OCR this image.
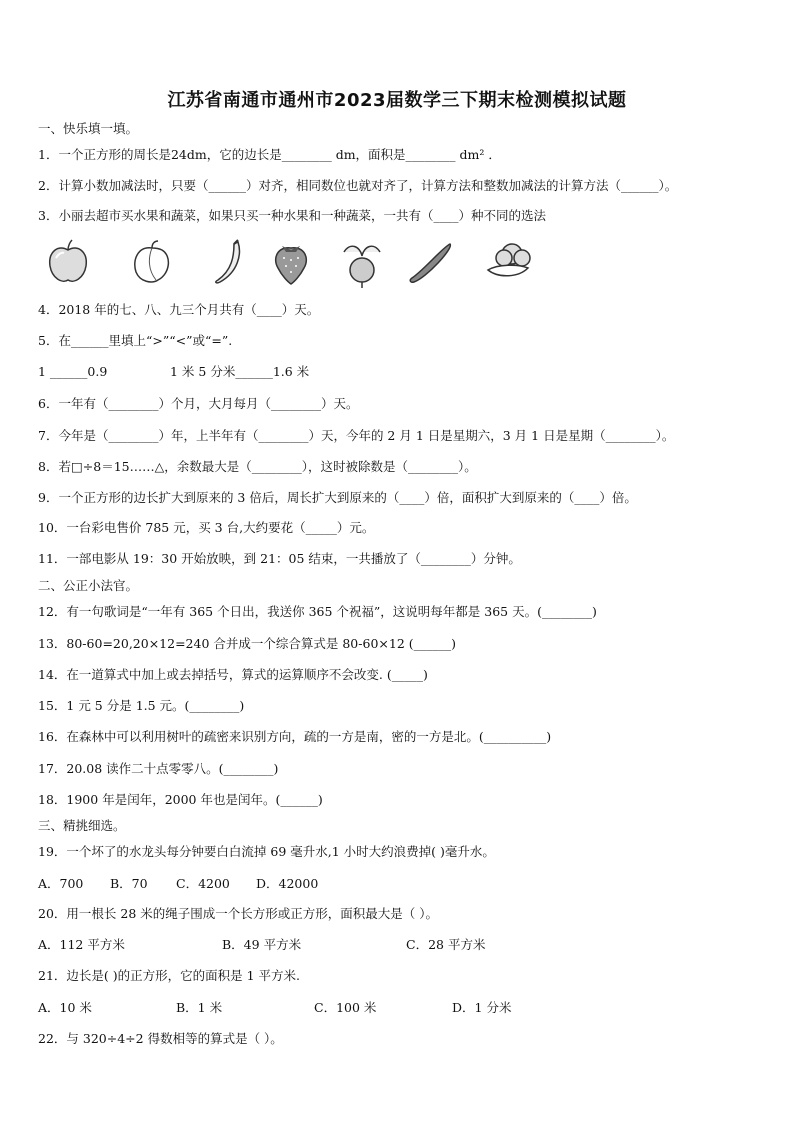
江苏省南通市通州市2023届数学三下期末检测模拟试题
一、快乐填一填。
1．一个正方形的周长是24dm，它的边长是________ dm，面积是________ dm² ．
2．计算小数加减法时，只要（______）对齐，相同数位也就对齐了，计算方法和整数加减法的计算方法（______）。
3．小丽去超市买水果和蔬菜，如果只买一种水果和一种蔬菜，一共有（____）种不同的选法
4．2018 年的七、八、九三个月共有（____）天。
5．在______里填上“>”“<”或“=”.
1 ______0.9	1 米 5 分米______1.6 米
6．一年有（________）个月，大月每月（________）天。
7．今年是（________）年，上半年有（________）天，今年的 2 月 1 日是星期六，3 月 1 日是星期（________）。
8．若□÷8＝15……△，余数最大是（________），这时被除数是（________）。
9．一个正方形的边长扩大到原来的 3 倍后，周长扩大到原来的（____）倍，面积扩大到原来的（____）倍。
10．一台彩电售价 785 元，买 3 台,大约要花（_____）元。
11．一部电影从 19：30 开始放映，到 21：05 结束，一共播放了（________）分钟。
二、公正小法官。
12．有一句歌词是“一年有 365 个日出，我送你 365 个祝福”，这说明每年都是 365 天。(________)
13．80-60=20,20×12=240 合并成一个综合算式是 80-60×12 (______)
14．在一道算式中加上或去掉括号，算式的运算顺序不会改变. (_____)
15．1 元 5 分是 1.5 元。(________)
16．在森林中可以利用树叶的疏密来识别方向，疏的一方是南，密的一方是北。(__________)
17．20.08 读作二十点零零八。(________)
18．1900 年是闰年，2000 年也是闰年。(______)
三、精挑细选。
19．一个坏了的水龙头每分钟要白白流掉 69 毫升水,1 小时大约浪费掉( )毫升水。
A．700 B．70 C．4200 D．42000
20．用一根长 28 米的绳子围成一个长方形或正方形，面积最大是（ ）。
A．112 平方米	B．49 平方米	C．28 平方米
21．边长是( )的正方形，它的面积是 1 平方米.
A．10 米	B．1 米	C．100 米	D．1 分米
22．与 320÷4÷2 得数相等的算式是（ ）。
